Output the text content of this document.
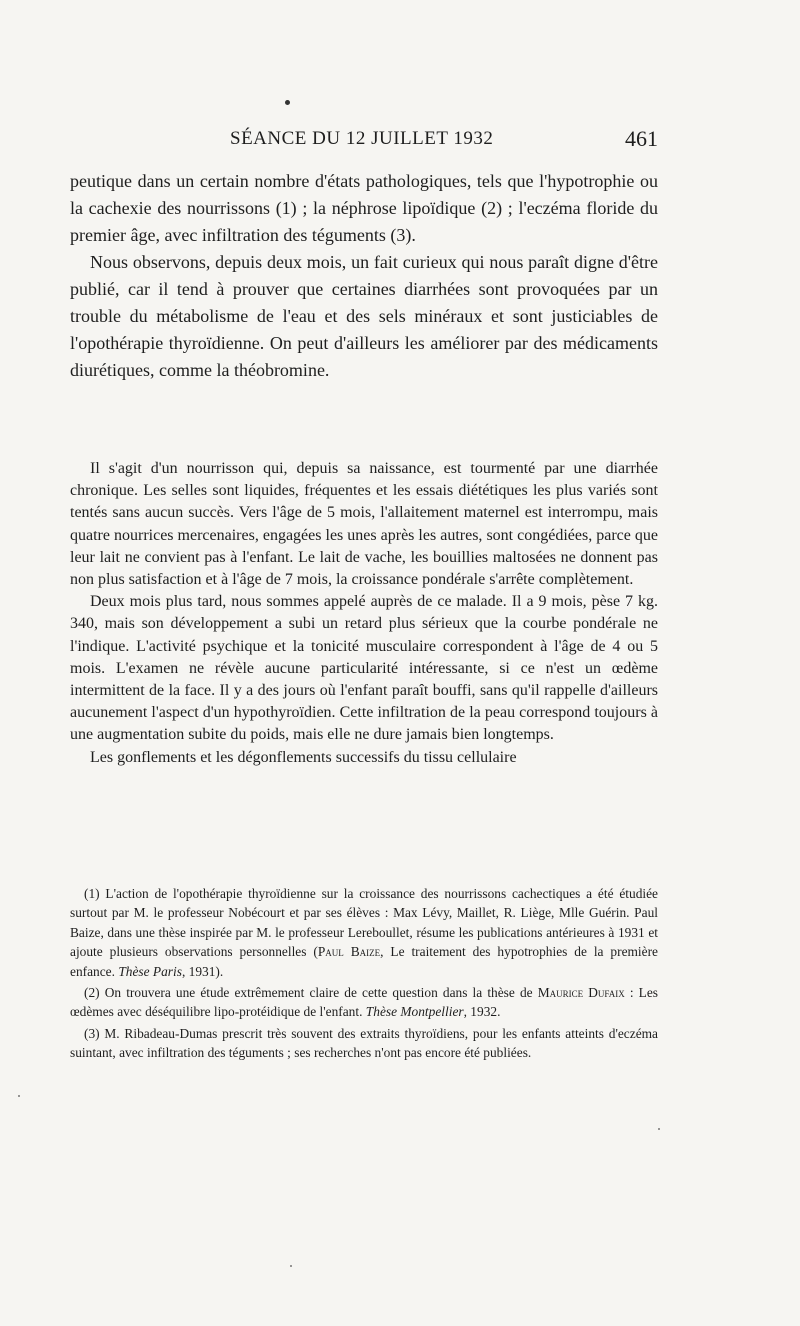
SÉANCE DU 12 JUILLET 1932	461

peutique dans un certain nombre d'états pathologiques, tels que l'hypotrophie ou la cachexie des nourrissons (1) ; la néphrose lipoïdique (2) ; l'eczéma floride du premier âge, avec infiltration des téguments (3).

Nous observons, depuis deux mois, un fait curieux qui nous paraît digne d'être publié, car il tend à prouver que certaines diarrhées sont provoquées par un trouble du métabolisme de l'eau et des sels minéraux et sont justiciables de l'opothérapie thyroïdienne. On peut d'ailleurs les améliorer par des médicaments diurétiques, comme la théobromine.

Il s'agit d'un nourrisson qui, depuis sa naissance, est tourmenté par une diarrhée chronique. Les selles sont liquides, fréquentes et les essais diététiques les plus variés sont tentés sans aucun succès. Vers l'âge de 5 mois, l'allaitement maternel est interrompu, mais quatre nourrices mercenaires, engagées les unes après les autres, sont congédiées, parce que leur lait ne convient pas à l'enfant. Le lait de vache, les bouillies maltosées ne donnent pas non plus satisfaction et à l'âge de 7 mois, la croissance pondérale s'arrête complètement.

Deux mois plus tard, nous sommes appelé auprès de ce malade. Il a 9 mois, pèse 7 kg. 340, mais son développement a subi un retard plus sérieux que la courbe pondérale ne l'indique. L'activité psychique et la tonicité musculaire correspondent à l'âge de 4 ou 5 mois. L'examen ne révèle aucune particularité intéressante, si ce n'est un œdème intermittent de la face. Il y a des jours où l'enfant paraît bouffi, sans qu'il rappelle d'ailleurs aucunement l'aspect d'un hypothyroïdien. Cette infiltration de la peau correspond toujours à une augmentation subite du poids, mais elle ne dure jamais bien longtemps.

Les gonflements et les dégonflements successifs du tissu cellulaire

(1) L'action de l'opothérapie thyroïdienne sur la croissance des nourrissons cachectiques a été étudiée surtout par M. le professeur Nobécourt et par ses élèves : Max Lévy, Maillet, R. Liège, Mlle Guérin. Paul Baize, dans une thèse inspirée par M. le professeur Lereboullet, résume les publications antérieures à 1931 et ajoute plusieurs observations personnelles (Paul Baize, Le traitement des hypotrophies de la première enfance. Thèse Paris, 1931).

(2) On trouvera une étude extrêmement claire de cette question dans la thèse de Maurice Dufaix : Les œdèmes avec déséquilibre lipo-protéidique de l'enfant. Thèse Montpellier, 1932.

(3) M. Ribadeau-Dumas prescrit très souvent des extraits thyroïdiens, pour les enfants atteints d'eczéma suintant, avec infiltration des téguments ; ses recherches n'ont pas encore été publiées.
